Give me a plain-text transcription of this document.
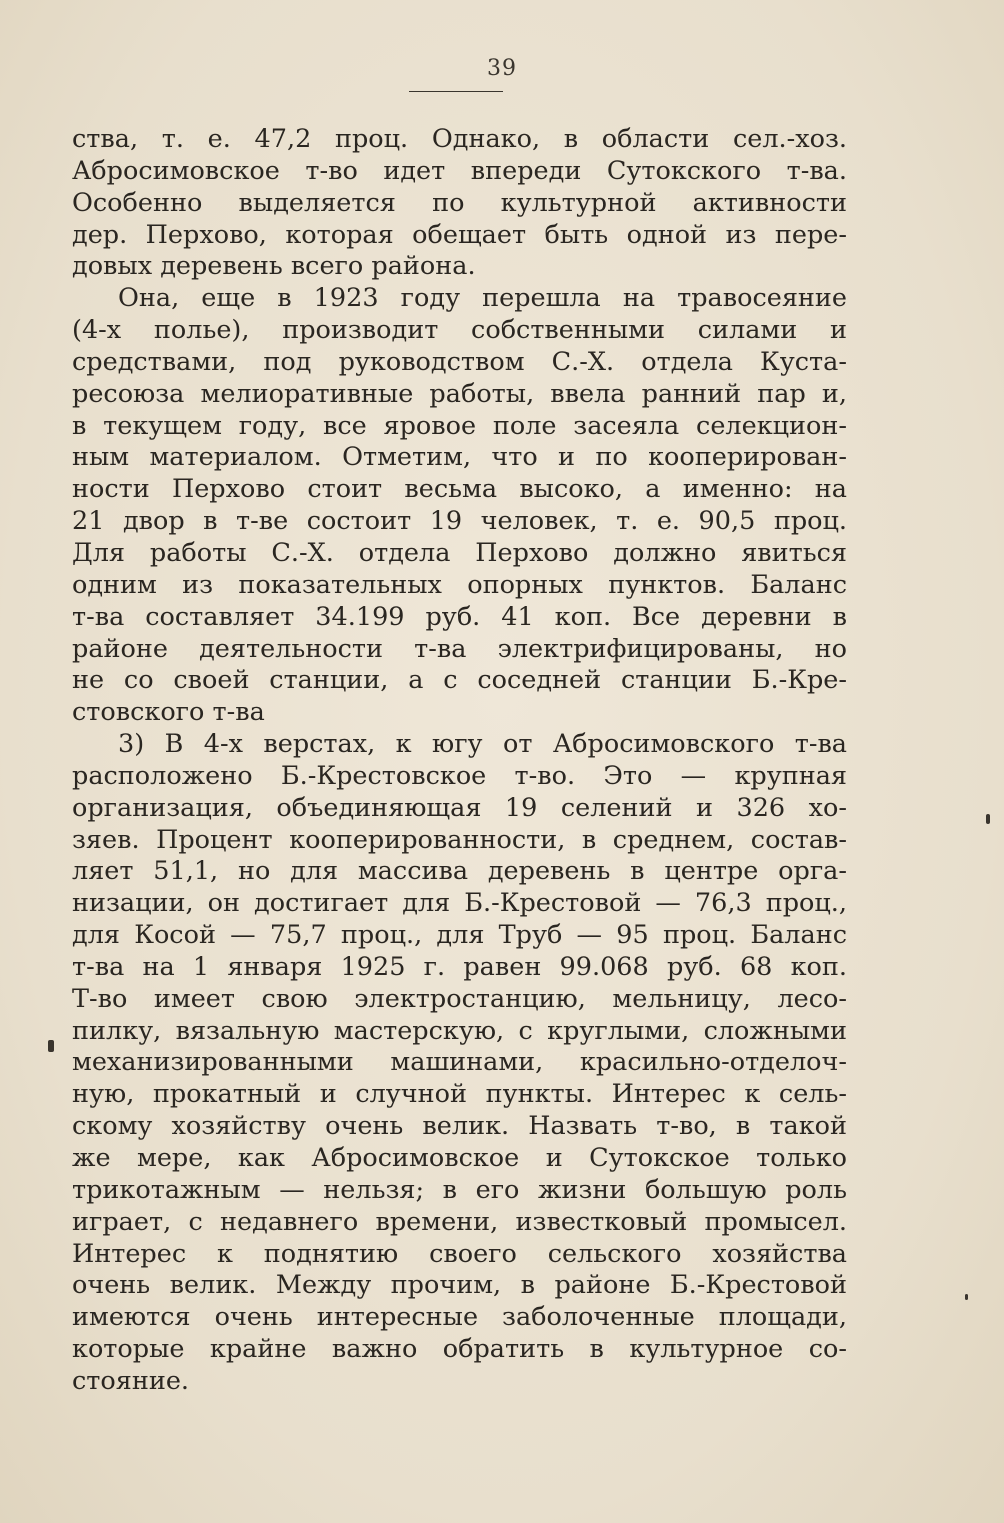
39
ства, т. е. 47,2 проц. Однако, в области сел.-хоз.
Абросимовское т-во идет впереди Сутокского т-ва.
Особенно выделяется по культурной активности
дер. Перхово, которая обещает быть одной из пере-
довых деревень всего района.
Она, еще в 1923 году перешла на травосеяние
(4-х полье), производит собственными силами и
средствами, под руководством С.-Х. отдела Куста-
ресоюза мелиоративные работы, ввела ранний пар и,
в текущем году, все яровое поле засеяла селекцион-
ным материалом. Отметим, что и по кооперирован-
ности Перхово стоит весьма высоко, а именно: на
21 двор в т-ве состоит 19 человек, т. е. 90,5 проц.
Для работы С.-Х. отдела Перхово должно явиться
одним из показательных опорных пунктов. Баланс
т-ва составляет 34.199 руб. 41 коп. Все деревни в
районе деятельности т-ва электрифицированы, но
не со своей станции, а с соседней станции Б.-Кре-
стовского т-ва
3) В 4-х верстах, к югу от Абросимовского т-ва
расположено Б.-Крестовское т-во. Это — крупная
организация, объединяющая 19 селений и 326 хо-
зяев. Процент кооперированности, в среднем, состав-
ляет 51,1, но для массива деревень в центре орга-
низации, он достигает для Б.-Крестовой — 76,3 проц.,
для Косой — 75,7 проц., для Труб — 95 проц. Баланс
т-ва на 1 января 1925 г. равен 99.068 руб. 68 коп.
Т-во имеет свою электростанцию, мельницу, лесо-
пилку, вязальную мастерскую, с круглыми, сложными
механизированными машинами, красильно-отделоч-
ную, прокатный и случной пункты. Интерес к сель-
скому хозяйству очень велик. Назвать т-во, в такой
же мере, как Абросимовское и Сутокское только
трикотажным — нельзя; в его жизни большую роль
играет, с недавнего времени, известковый промысел.
Интерес к поднятию своего сельского хозяйства
очень велик. Между прочим, в районе Б.-Крестовой
имеются очень интересные заболоченные площади,
которые крайне важно обратить в культурное со-
стояние.
